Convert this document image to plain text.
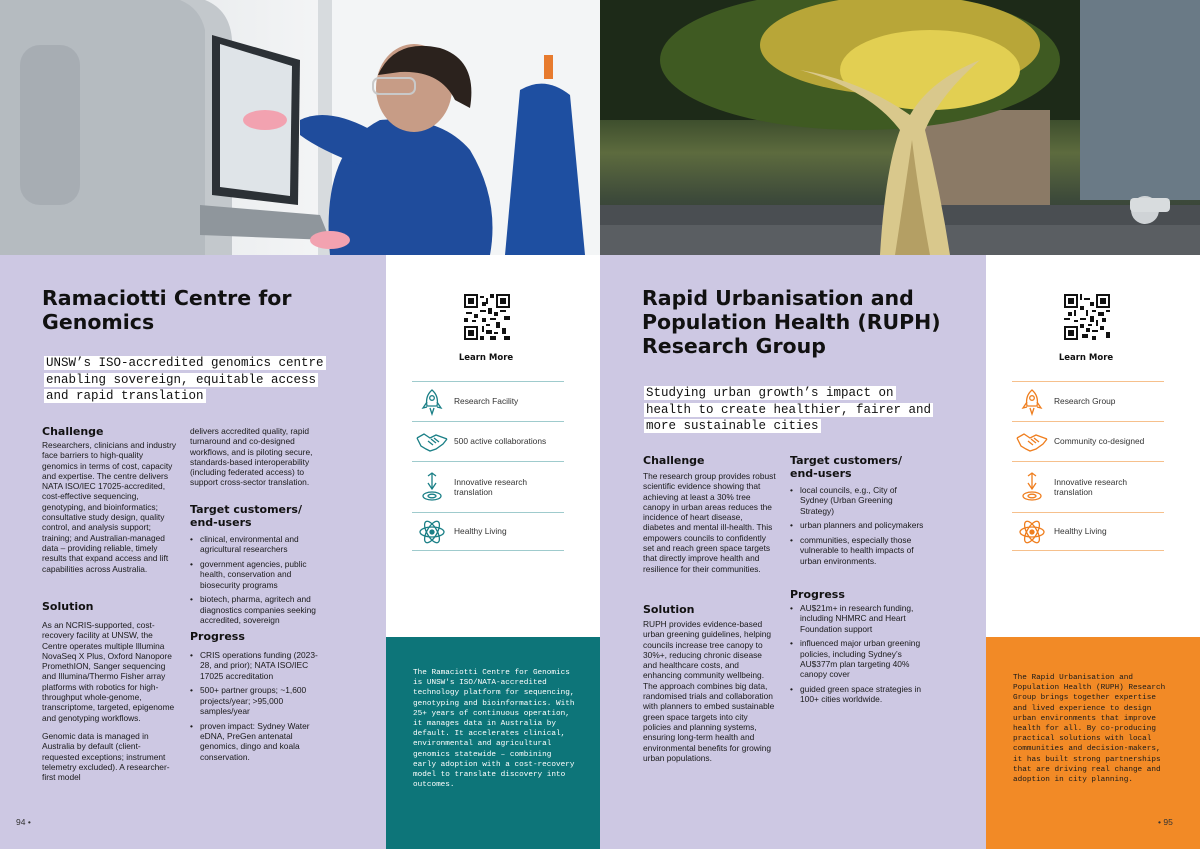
Ramaciotti Centre for Genomics
UNSW’s ISO-accredited genomics centre
enabling sovereign, equitable access
and rapid translation
Challenge

Researchers, clinicians and industry face barriers to high-quality genomics in terms of cost, capacity and expertise. The centre delivers NATA ISO/IEC 17025-accredited, cost-effective sequencing, genotyping, and bioinformatics; consultative study design, quality control, and analysis support; training; and Australian-managed data – providing reliable, timely results that expand access and lift capabilities across Australia.

Solution

As an NCRIS-supported, cost-recovery facility at UNSW, the Centre operates multiple Illumina NovaSeq X Plus, Oxford Nanopore PromethION, Sanger sequencing and Illumina/Thermo Fisher array platforms with robotics for high-throughput whole-genome, transcriptome, targeted, epigenome and genotyping workflows.

Genomic data is managed in Australia by default (client-requested exceptions; instrument telemetry excluded). A researcher-first model

delivers accredited quality, rapid turnaround and co-designed workflows, and is piloting secure, standards-based interoperability (including federated access) to support cross-sector translation.

Target customers/ end-users
• clinical, environmental and agricultural researchers
• government agencies, public health, conservation and biosecurity programs
• biotech, pharma, agritech and diagnostics companies seeking accredited, sovereign
Progress
• CRIS operations funding (2023-28, and prior); NATA ISO/IEC 17025 accreditation
• 500+ partner groups; ~1,600 projects/year; >95,000 samples/year
• proven impact: Sydney Water eDNA, PreGen antenatal genomics, dingo and koala conservation.
Learn More
Research Facility
500 active collaborations
Innovative research translation
Healthy Living
The Ramaciotti Centre for Genomics is UNSW's ISO/NATA-accredited technology platform for sequencing, genotyping and bioinformatics. With 25+ years of continuous operation, it manages data in Australia by default. It accelerates clinical, environmental and agricultural genomics statewide – combining early adoption with a cost-recovery model to translate discovery into outcomes.
94 •
Rapid Urbanisation and Population Health (RUPH) Research Group
Studying urban growth’s impact on
health to create healthier, fairer and
more sustainable cities
Challenge

The research group provides robust scientific evidence showing that achieving at least a 30% tree canopy in urban areas reduces the incidence of heart disease, diabetes and mental ill-health. This empowers councils to confidently set and reach green space targets that directly improve health and resilience for their communities.

Solution

RUPH provides evidence-based urban greening guidelines, helping councils increase tree canopy to 30%+, reducing chronic disease and healthcare costs, and enhancing community wellbeing. The approach combines big data, randomised trials and collaboration with planners to embed sustainable green space targets into city policies and planning systems, ensuring long-term health and environmental benefits for growing urban populations.

Target customers/ end-users
• local councils, e.g., City of Sydney (Urban Greening Strategy)
• urban planners and policymakers
• communities, especially those vulnerable to health impacts of urban environments.
Progress
• AU$21m+ in research funding, including NHMRC and Heart Foundation support
• influenced major urban greening policies, including Sydney’s AU$377m plan targeting 40% canopy cover
• guided green space strategies in 100+ cities worldwide.
Learn More
Research Group
Community co-designed
Innovative research translation
Healthy Living
The Rapid Urbanisation and Population Health (RUPH) Research Group brings together expertise and lived experience to design urban environments that improve health for all. By co-producing practical solutions with local communities and decision-makers, it has built strong partnerships that are driving real change and adoption in city planning.
• 95
